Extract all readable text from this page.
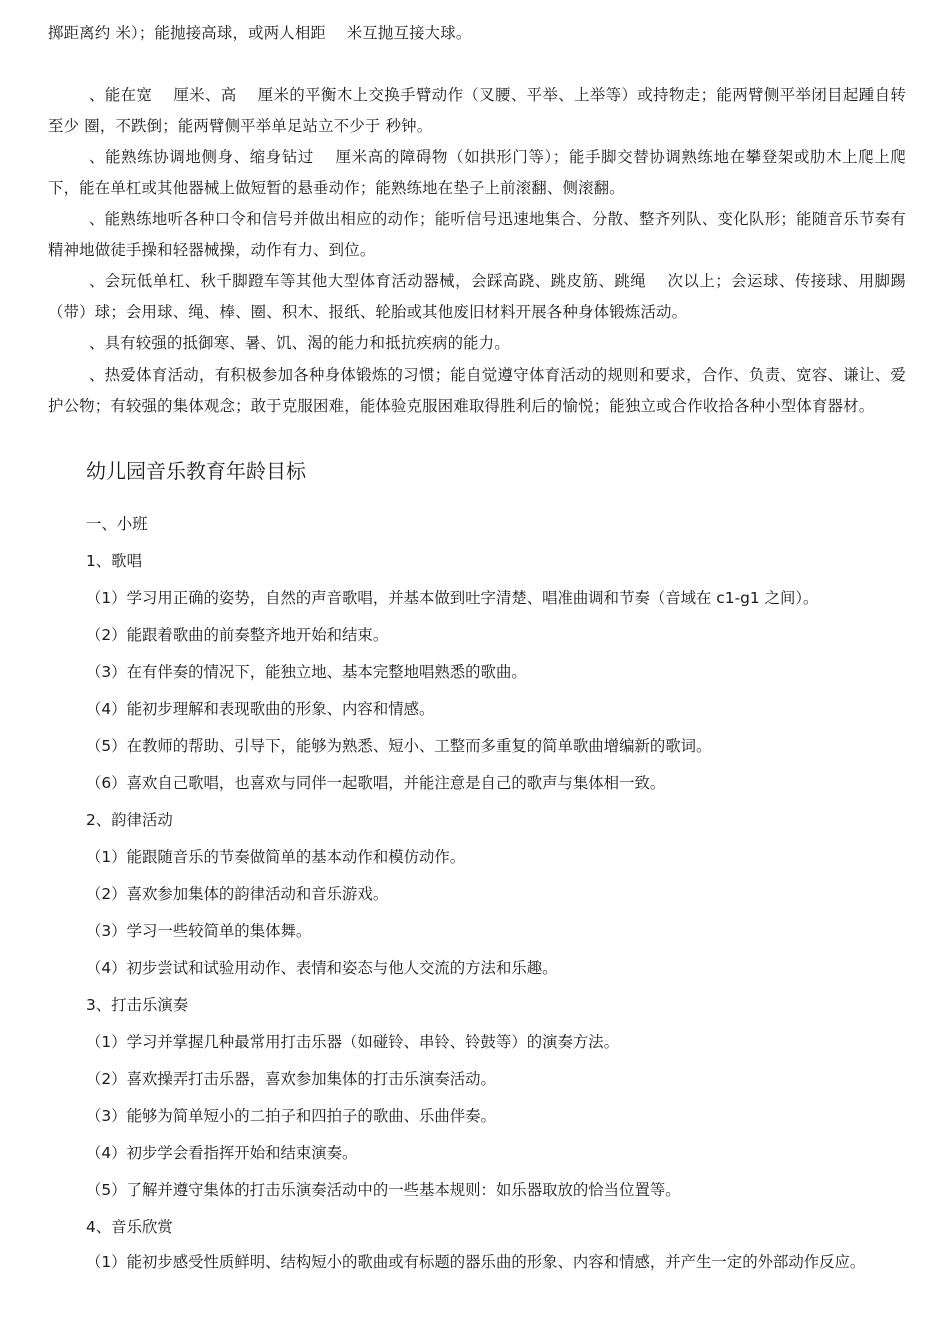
掷距离约 米）；能抛接高球，或两人相距 　米互抛互接大球。

、能在宽 　厘米、高 　厘米的平衡木上交换手臂动作（叉腰、平举、上举等）或持物走；能两臂侧平举闭目起踵自转至少 圈，不跌倒；能两臂侧平举单足站立不少于 秒钟。

、能熟练协调地侧身、缩身钻过 　厘米高的障碍物（如拱形门等）；能手脚交替协调熟练地在攀登架或肋木上爬上爬下，能在单杠或其他器械上做短暂的悬垂动作；能熟练地在垫子上前滚翻、侧滚翻。

、能熟练地听各种口令和信号并做出相应的动作；能听信号迅速地集合、分散、整齐列队、变化队形；能随音乐节奏有精神地做徒手操和轻器械操，动作有力、到位。

、会玩低单杠、秋千脚蹬车等其他大型体育活动器械，会踩高跷、跳皮筋、跳绳 　次以上；会运球、传接球、用脚踢（带）球；会用球、绳、棒、圈、积木、报纸、轮胎或其他废旧材料开展各种身体锻炼活动。

、具有较强的抵御寒、暑、饥、渴的能力和抵抗疾病的能力。

、热爱体育活动，有积极参加各种身体锻炼的习惯；能自觉遵守体育活动的规则和要求，合作、负责、宽容、谦让、爱护公物；有较强的集体观念；敢于克服困难，能体验克服困难取得胜利后的愉悦；能独立或合作收拾各种小型体育器材。

幼儿园音乐教育年龄目标

一、小班

1、歌唱

（1）学习用正确的姿势，自然的声音歌唱，并基本做到吐字清楚、唱准曲调和节奏（音域在 c1-g1 之间）。

（2）能跟着歌曲的前奏整齐地开始和结束。

（3）在有伴奏的情况下，能独立地、基本完整地唱熟悉的歌曲。

（4）能初步理解和表现歌曲的形象、内容和情感。

（5）在教师的帮助、引导下，能够为熟悉、短小、工整而多重复的简单歌曲增编新的歌词。

（6）喜欢自己歌唱，也喜欢与同伴一起歌唱，并能注意是自己的歌声与集体相一致。

2、韵律活动

（1）能跟随音乐的节奏做简单的基本动作和模仿动作。

（2）喜欢参加集体的韵律活动和音乐游戏。

（3）学习一些较简单的集体舞。

（4）初步尝试和试验用动作、表情和姿态与他人交流的方法和乐趣。

3、打击乐演奏

（1）学习并掌握几种最常用打击乐器（如碰铃、串铃、铃鼓等）的演奏方法。

（2）喜欢操弄打击乐器，喜欢参加集体的打击乐演奏活动。

（3）能够为简单短小的二拍子和四拍子的歌曲、乐曲伴奏。

（4）初步学会看指挥开始和结束演奏。

（5）了解并遵守集体的打击乐演奏活动中的一些基本规则：如乐器取放的恰当位置等。

4、音乐欣赏

（1）能初步感受性质鲜明、结构短小的歌曲或有标题的器乐曲的形象、内容和情感，并产生一定的外部动作反应。
